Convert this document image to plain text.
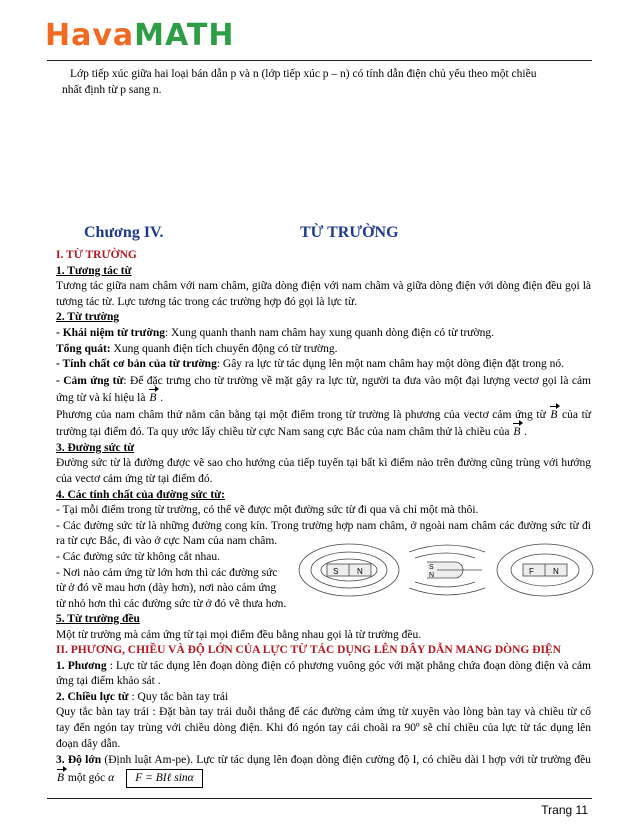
HavaMATH
Lớp tiếp xúc giữa hai loại bán dẫn p và n (lớp tiếp xúc p – n) có tính dẫn điện chủ yếu theo một chiều
nhất định từ p sang n.
Chương IV.	TỪ TRƯỜNG

I. TỪ TRƯỜNG

1. Tương tác từ

Tương tác giữa nam châm với nam châm, giữa dòng điện với nam châm và giữa dòng điện với dòng điện đều gọi là tương tác từ. Lực tương tác trong các trường hợp đó gọi là lực từ.

2. Từ trường

- Khái niệm từ trường: Xung quanh thanh nam châm hay xung quanh dòng điện có từ trường.

Tổng quát: Xung quanh điện tích chuyển động có từ trường.

- Tính chất cơ bản của từ trường: Gây ra lực từ tác dụng lên một nam châm hay một dòng điện đặt trong nó.

- Cảm ứng từ: Để đặc trưng cho từ trường về mặt gây ra lực từ, người ta đưa vào một đại lượng vectơ gọi là cảm ứng từ và kí hiệu là B .

Phương của nam châm thử nằm cân bằng tại một điểm trong từ trường là phương của vectơ cảm ứng từ B của từ trường tại điểm đó. Ta quy ước lấy chiều từ cực Nam sang cực Bắc của nam châm thử là chiều của B .

3. Đường sức từ

Đường sức từ là đường được vẽ sao cho hướng của tiếp tuyến tại bất kì điểm nào trên đường cũng trùng với hướng của vectơ cảm ứng từ tại điểm đó.

4. Các tính chất của đường sức từ:

- Tại mỗi điểm trong từ trường, có thể vẽ được một đường sức từ đi qua và chỉ một mà thôi.

- Các đường sức từ là những đường cong kín. Trong trường hợp nam châm, ở ngoài nam châm các đường sức từ đi ra từ cực Bắc, đi vào ở cực Nam của nam châm.

- Các đường sức từ không cắt nhau.

- Nơi nào cảm ứng từ lớn hơn thì các đường sức

từ ở đó vẽ mau hơn (dày hơn), nơi nào cảm ứng

từ nhỏ hơn thì các đường sức từ ở đó vẽ thưa hơn.

S N	S
N	F N

5. Từ trường đều

Một từ trường mà cảm ứng từ tại mọi điểm đều bằng nhau gọi là từ trường đều.

II. PHƯƠNG, CHIỀU VÀ ĐỘ LỚN CỦA LỰC TỪ TÁC DỤNG LÊN DÂY DẪN MANG DÒNG ĐIỆN

1. Phương : Lực từ tác dụng lên đoạn dòng điện có phương vuông góc với mặt phẳng chứa đoạn dòng điện và cảm ứng tại điểm khảo sát .

2. Chiều lực từ : Quy tắc bàn tay trái

Quy tắc bàn tay trái : Đặt bàn tay trái duỗi thẳng để các đường cảm ứng từ xuyên vào lòng bàn tay và chiều từ cổ tay đến ngón tay trùng với chiều dòng điện. Khi đó ngón tay cái choãi ra 90º sẽ chỉ chiều của lực từ tác dụng lên đoạn dây dẫn.

3. Độ lớn (Định luật Am-pe). Lực từ tác dụng lên đoạn dòng điện cường độ I, có chiều dài l hợp với từ trường đều B một góc α F = BIℓ sinα

Trang 11
